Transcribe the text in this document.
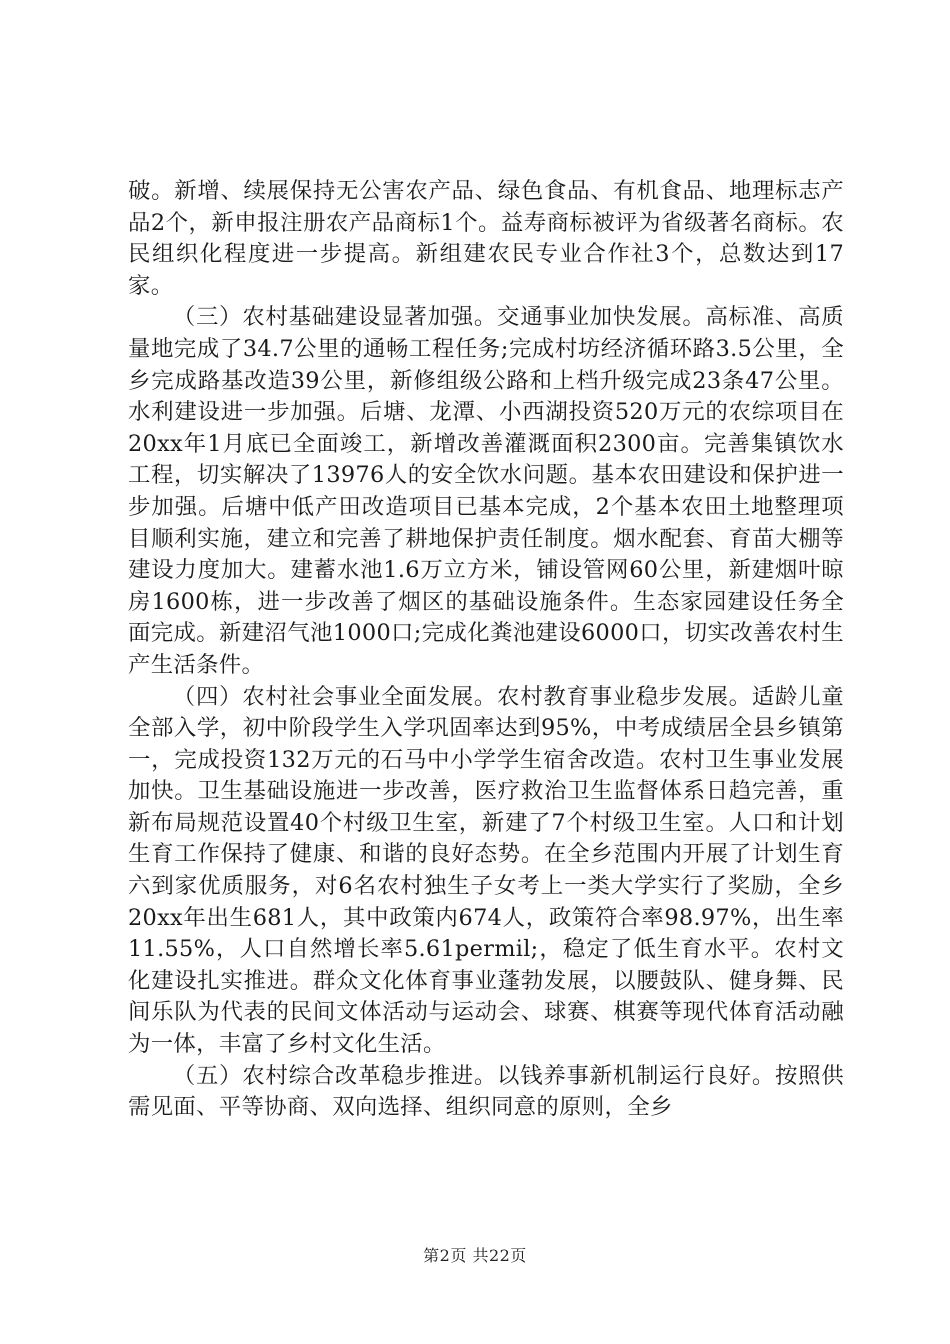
破。新增、续展保持无公害农产品、绿色食品、有机食品、地理标志产品2个，新申报注册农产品商标1个。益寿商标被评为省级著名商标。农民组织化程度进一步提高。新组建农民专业合作社3个，总数达到17家。

（三）农村基础建设显著加强。交通事业加快发展。高标准、高质量地完成了34.7公里的通畅工程任务;完成村坊经济循环路3.5公里，全乡完成路基改造39公里，新修组级公路和上档升级完成23条47公里。水利建设进一步加强。后塘、龙潭、小西湖投资520万元的农综项目在20xx年1月底已全面竣工，新增改善灌溉面积2300亩。完善集镇饮水工程，切实解决了13976人的安全饮水问题。基本农田建设和保护进一步加强。后塘中低产田改造项目已基本完成，2个基本农田土地整理项目顺利实施，建立和完善了耕地保护责任制度。烟水配套、育苗大棚等建设力度加大。建蓄水池1.6万立方米，铺设管网60公里，新建烟叶晾房1600栋，进一步改善了烟区的基础设施条件。生态家园建设任务全面完成。新建沼气池1000口;完成化粪池建设6000口，切实改善农村生产生活条件。

（四）农村社会事业全面发展。农村教育事业稳步发展。适龄儿童全部入学，初中阶段学生入学巩固率达到95%，中考成绩居全县乡镇第一，完成投资132万元的石马中小学学生宿舍改造。农村卫生事业发展加快。卫生基础设施进一步改善，医疗救治卫生监督体系日趋完善，重新布局规范设置40个村级卫生室，新建了7个村级卫生室。人口和计划生育工作保持了健康、和谐的良好态势。在全乡范围内开展了计划生育六到家优质服务，对6名农村独生子女考上一类大学实行了奖励，全乡20xx年出生681人，其中政策内674人，政策符合率98.97%，出生率11.55%，人口自然增长率5.61permil;，稳定了低生育水平。农村文化建设扎实推进。群众文化体育事业蓬勃发展，以腰鼓队、健身舞、民间乐队为代表的民间文体活动与运动会、球赛、棋赛等现代体育活动融为一体，丰富了乡村文化生活。

（五）农村综合改革稳步推进。以钱养事新机制运行良好。按照供需见面、平等协商、双向选择、组织同意的原则，全乡

第2页 共22页
